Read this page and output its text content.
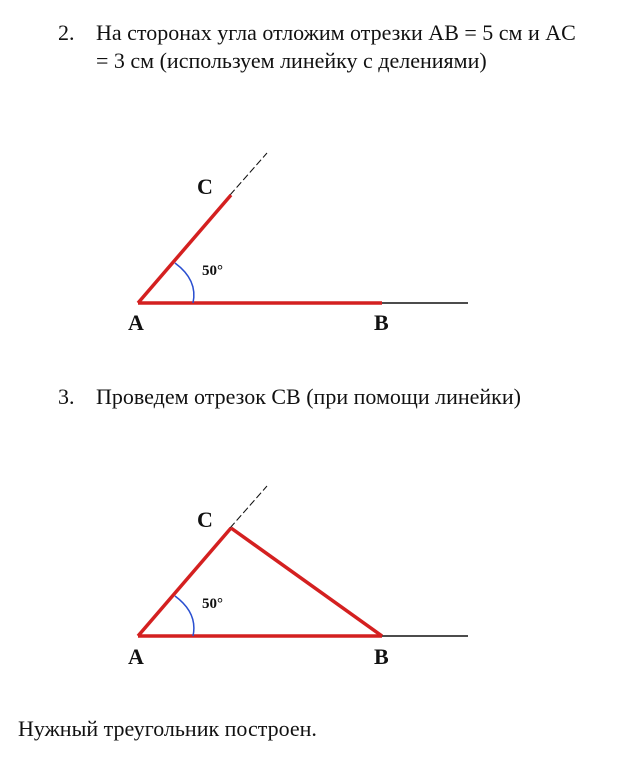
2. На сторонах угла отложим отрезки AB = 5 см и AC = 3 см (используем линейку с делениями)
50°
C
A	B
3. Проведем отрезок CB (при помощи линейки)
50°
C
A	B
Нужный треугольник построен.
